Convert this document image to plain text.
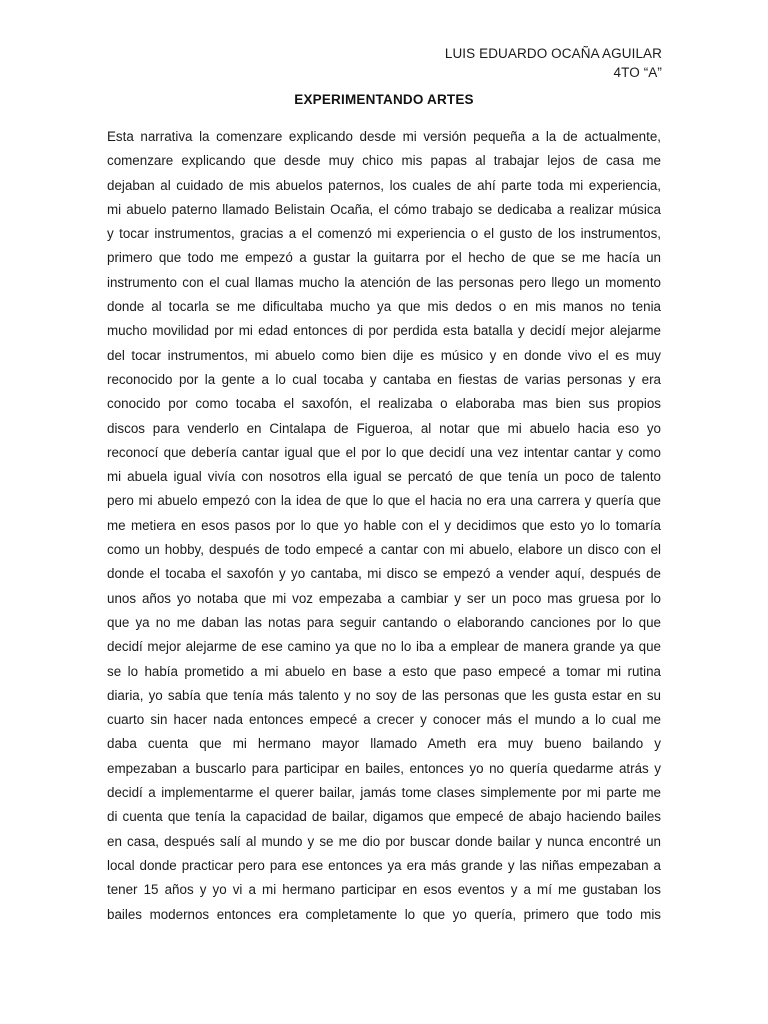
LUIS EDUARDO OCAÑA AGUILAR
4TO “A”
EXPERIMENTANDO ARTES
Esta narrativa la comenzare explicando desde mi versión pequeña a la de actualmente,
comenzare explicando que desde muy chico mis papas al trabajar lejos de casa me
dejaban al cuidado de mis abuelos paternos, los cuales de ahí parte toda mi experiencia,
mi abuelo paterno llamado Belistain Ocaña, el cómo trabajo se dedicaba a realizar música
y tocar instrumentos, gracias a el comenzó mi experiencia o el gusto de los instrumentos,
primero que todo me empezó a gustar la guitarra por el hecho de que se me hacía un
instrumento con el cual llamas mucho la atención de las personas pero llego un momento
donde al tocarla se me dificultaba mucho ya que mis dedos o en mis manos no tenia
mucho movilidad por mi edad entonces di por perdida esta batalla y decidí mejor alejarme
del tocar instrumentos, mi abuelo como bien dije es músico y en donde vivo el es muy
reconocido por la gente a lo cual tocaba y cantaba en fiestas de varias personas y era
conocido por como tocaba el saxofón, el realizaba o elaboraba mas bien sus propios
discos para venderlo en Cintalapa de Figueroa, al notar que mi abuelo hacia eso yo
reconocí que debería cantar igual que el por lo que decidí una vez intentar cantar y como
mi abuela igual vivía con nosotros ella igual se percató de que tenía un poco de talento
pero mi abuelo empezó con la idea de que lo que el hacia no era una carrera y quería que
me metiera en esos pasos por lo que yo hable con el y decidimos que esto yo lo tomaría
como un hobby, después de todo empecé a cantar con mi abuelo, elabore un disco con el
donde el tocaba el saxofón y yo cantaba, mi disco se empezó a vender aquí, después de
unos años yo notaba que mi voz empezaba a cambiar y ser un poco mas gruesa por lo
que ya no me daban las notas para seguir cantando o elaborando canciones por lo que
decidí mejor alejarme de ese camino ya que no lo iba a emplear de manera grande ya que
se lo había prometido a mi abuelo en base a esto que paso empecé a tomar mi rutina
diaria, yo sabía que tenía más talento y no soy de las personas que les gusta estar en su
cuarto sin hacer nada entonces empecé a crecer y conocer más el mundo a lo cual me
daba cuenta que mi hermano mayor llamado Ameth era muy bueno bailando y
empezaban a buscarlo para participar en bailes, entonces yo no quería quedarme atrás y
decidí a implementarme el querer bailar, jamás tome clases simplemente por mi parte me
di cuenta que tenía la capacidad de bailar, digamos que empecé de abajo haciendo bailes
en casa, después salí al mundo y se me dio por buscar donde bailar y nunca encontré un
local donde practicar pero para ese entonces ya era más grande y las niñas empezaban a
tener 15 años y yo vi a mi hermano participar en esos eventos y a mí me gustaban los
bailes modernos entonces era completamente lo que yo quería, primero que todo mis
